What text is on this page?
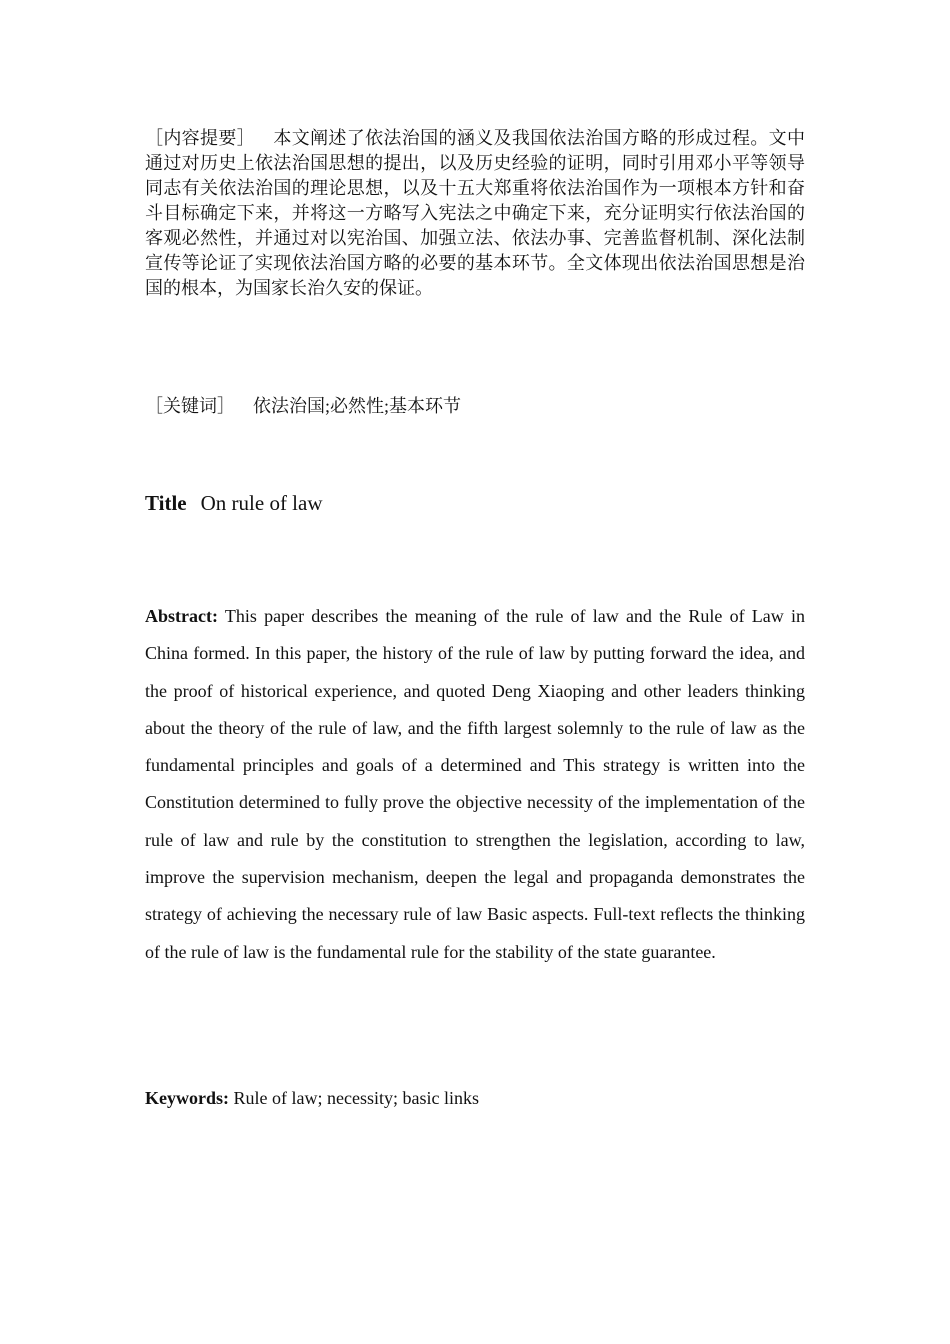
［内容提要］ 本文阐述了依法治国的涵义及我国依法治国方略的形成过程。文中通过对历史上依法治国思想的提出，以及历史经验的证明，同时引用邓小平等领导同志有关依法治国的理论思想，以及十五大郑重将依法治国作为一项根本方针和奋斗目标确定下来，并将这一方略写入宪法之中确定下来，充分证明实行依法治国的客观必然性，并通过对以宪治国、加强立法、依法办事、完善监督机制、深化法制宣传等论证了实现依法治国方略的必要的基本环节。全文体现出依法治国思想是治国的根本，为国家长治久安的保证。

［关键词］ 依法治国;必然性;基本环节

Title On rule of law

Abstract: This paper describes the meaning of the rule of law and the Rule of Law in China formed. In this paper, the history of the rule of law by putting forward the idea, and the proof of historical experience, and quoted Deng Xiaoping and other leaders thinking about the theory of the rule of law, and the fifth largest solemnly to the rule of law as the fundamental principles and goals of a determined and This strategy is written into the Constitution determined to fully prove the objective necessity of the implementation of the rule of law and rule by the constitution to strengthen the legislation, according to law, improve the supervision mechanism, deepen the legal and propaganda demonstrates the strategy of achieving the necessary rule of law Basic aspects. Full-text reflects the thinking of the rule of law is the fundamental rule for the stability of the state guarantee.

Keywords: Rule of law; necessity; basic links
